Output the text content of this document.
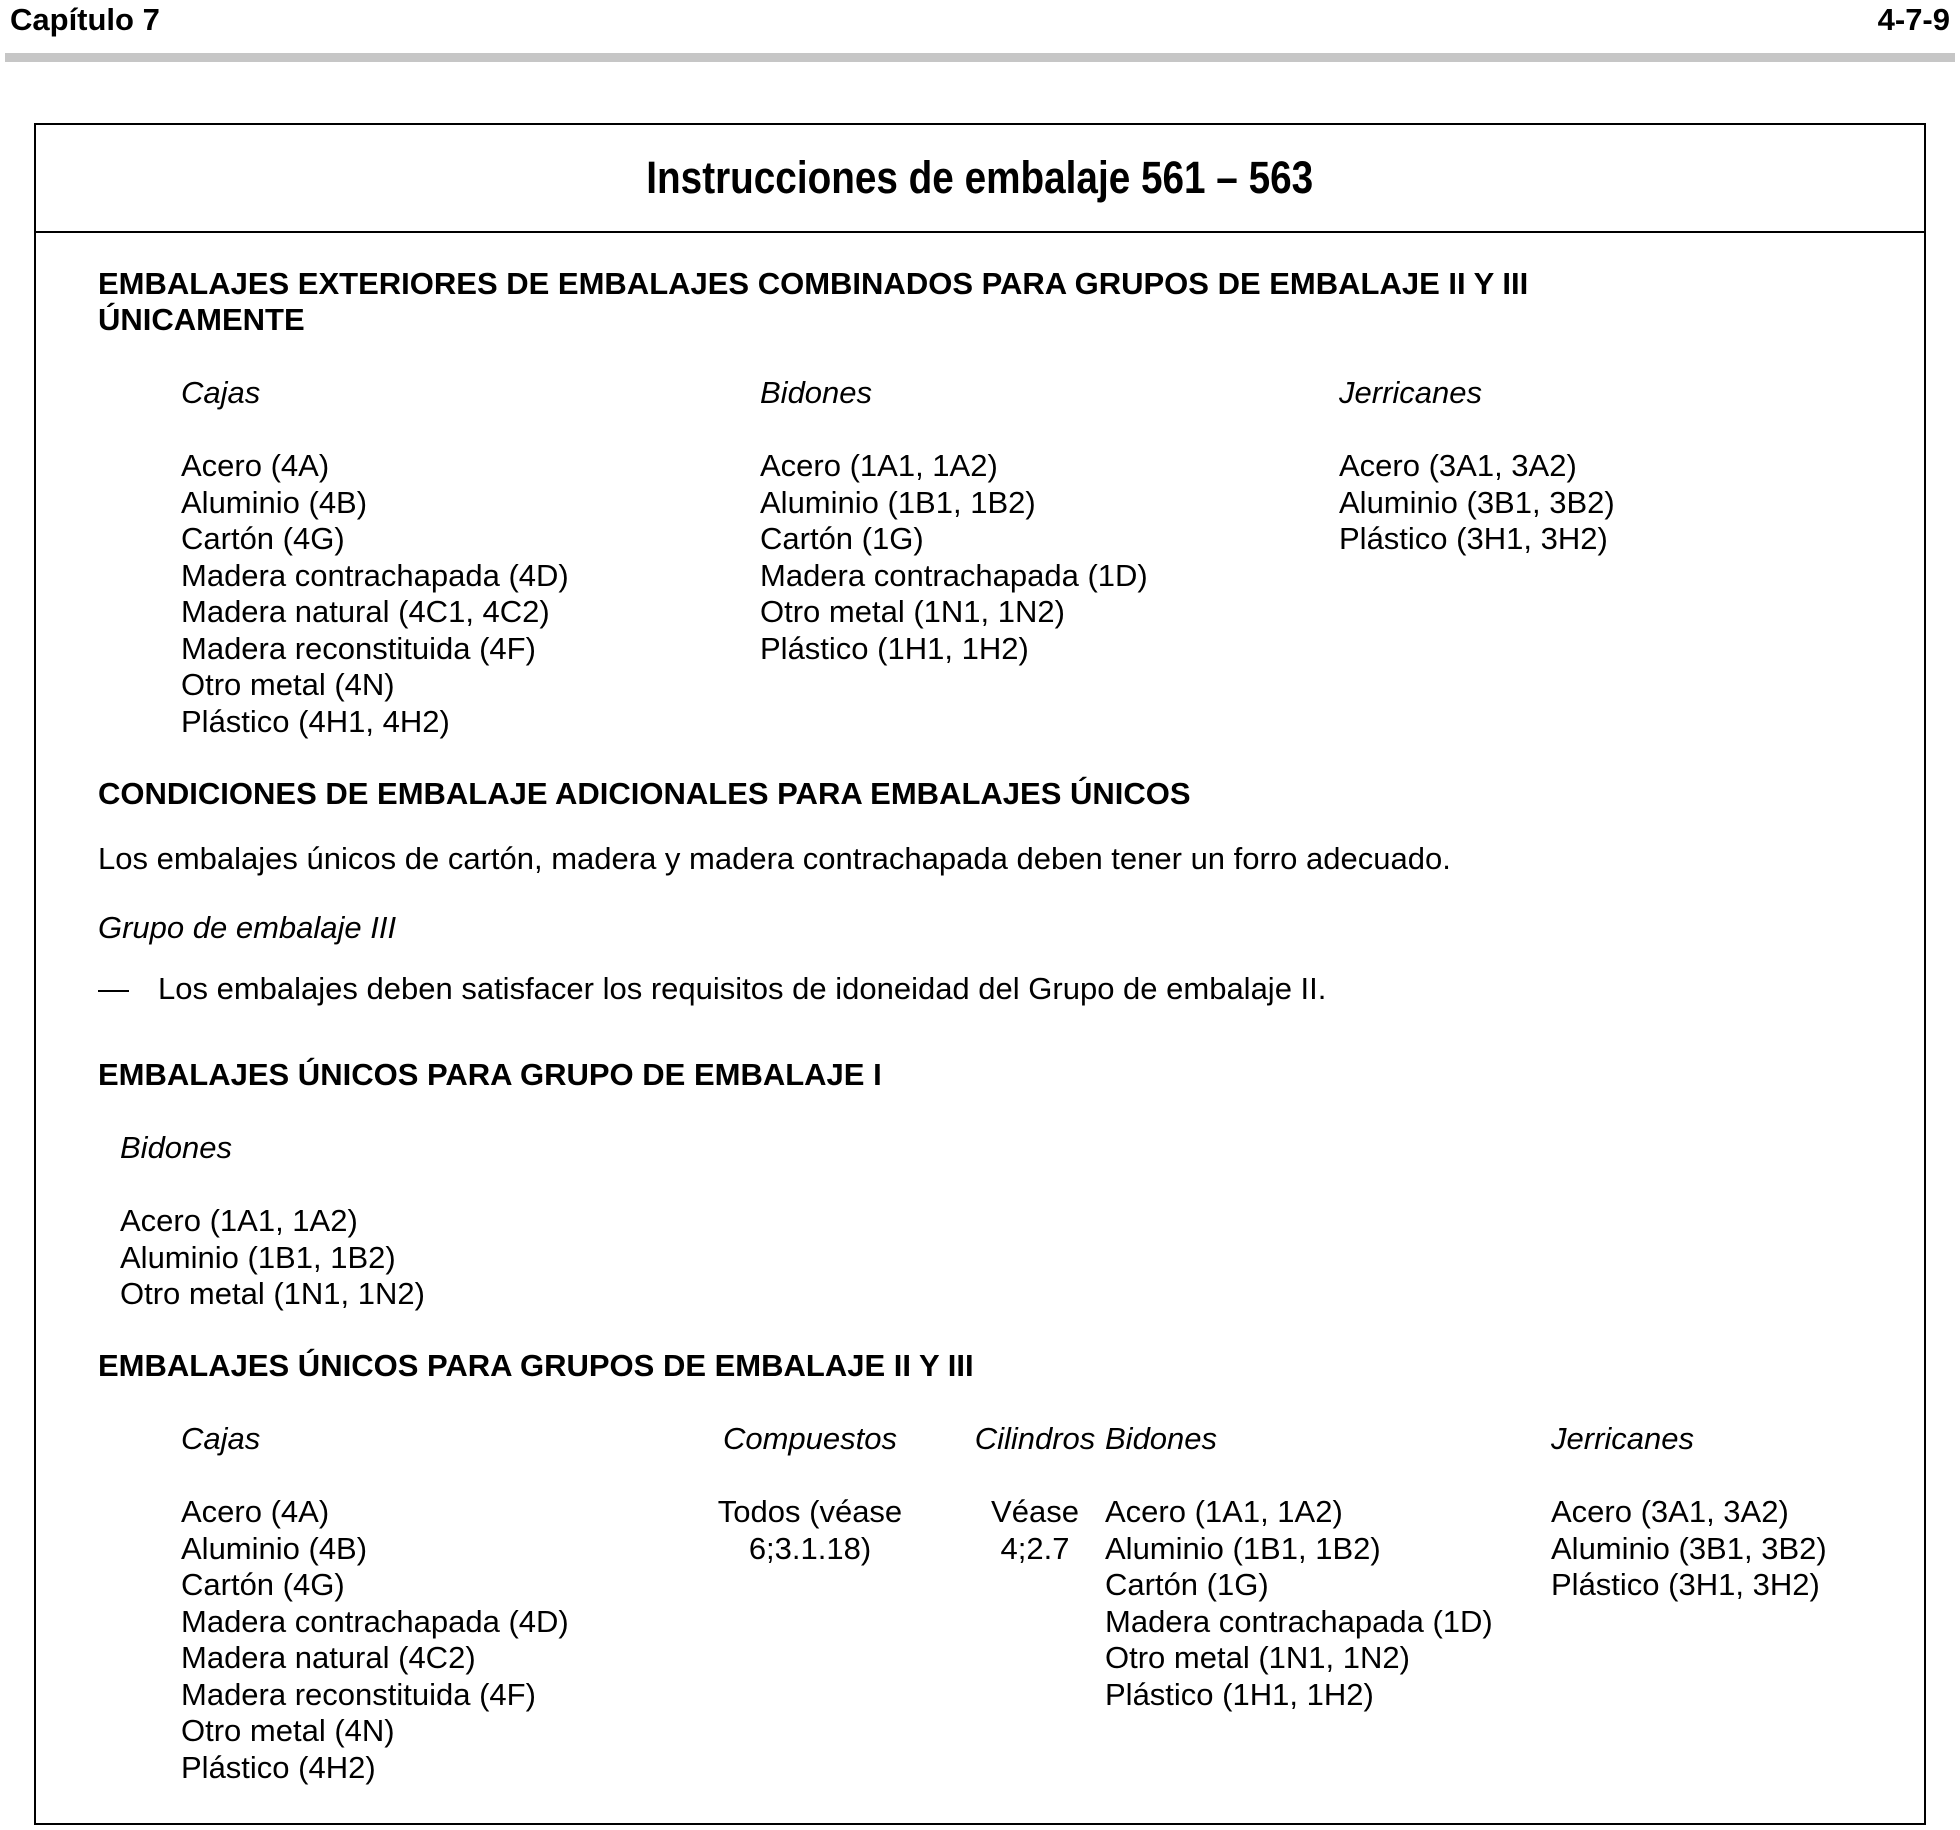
Capítulo 7	4-7-9
Instrucciones de embalaje 561 – 563
EMBALAJES EXTERIORES DE EMBALAJES COMBINADOS PARA GRUPOS DE EMBALAJE II Y III
ÚNICAMENTE
Cajas
Acero (4A)
Aluminio (4B)
Cartón (4G)
Madera contrachapada (4D)
Madera natural (4C1, 4C2)
Madera reconstituida (4F)
Otro metal (4N)
Plástico (4H1, 4H2)
Bidones
Acero (1A1, 1A2)
Aluminio (1B1, 1B2)
Cartón (1G)
Madera contrachapada (1D)
Otro metal (1N1, 1N2)
Plástico (1H1, 1H2)
Jerricanes
Acero (3A1, 3A2)
Aluminio (3B1, 3B2)
Plástico (3H1, 3H2)
CONDICIONES DE EMBALAJE ADICIONALES PARA EMBALAJES ÚNICOS
Los embalajes únicos de cartón, madera y madera contrachapada deben tener un forro adecuado.
Grupo de embalaje III
— Los embalajes deben satisfacer los requisitos de idoneidad del Grupo de embalaje II.
EMBALAJES ÚNICOS PARA GRUPO DE EMBALAJE I
Bidones
Acero (1A1, 1A2)
Aluminio (1B1, 1B2)
Otro metal (1N1, 1N2)
EMBALAJES ÚNICOS PARA GRUPOS DE EMBALAJE II Y III
Cajas
Acero (4A)
Aluminio (4B)
Cartón (4G)
Madera contrachapada (4D)
Madera natural (4C2)
Madera reconstituida (4F)
Otro metal (4N)
Plástico (4H2)
Compuestos
Todos (véase
6;3.1.18)
Cilindros
Véase
4;2.7
Bidones
Acero (1A1, 1A2)
Aluminio (1B1, 1B2)
Cartón (1G)
Madera contrachapada (1D)
Otro metal (1N1, 1N2)
Plástico (1H1, 1H2)
Jerricanes
Acero (3A1, 3A2)
Aluminio (3B1, 3B2)
Plástico (3H1, 3H2)
